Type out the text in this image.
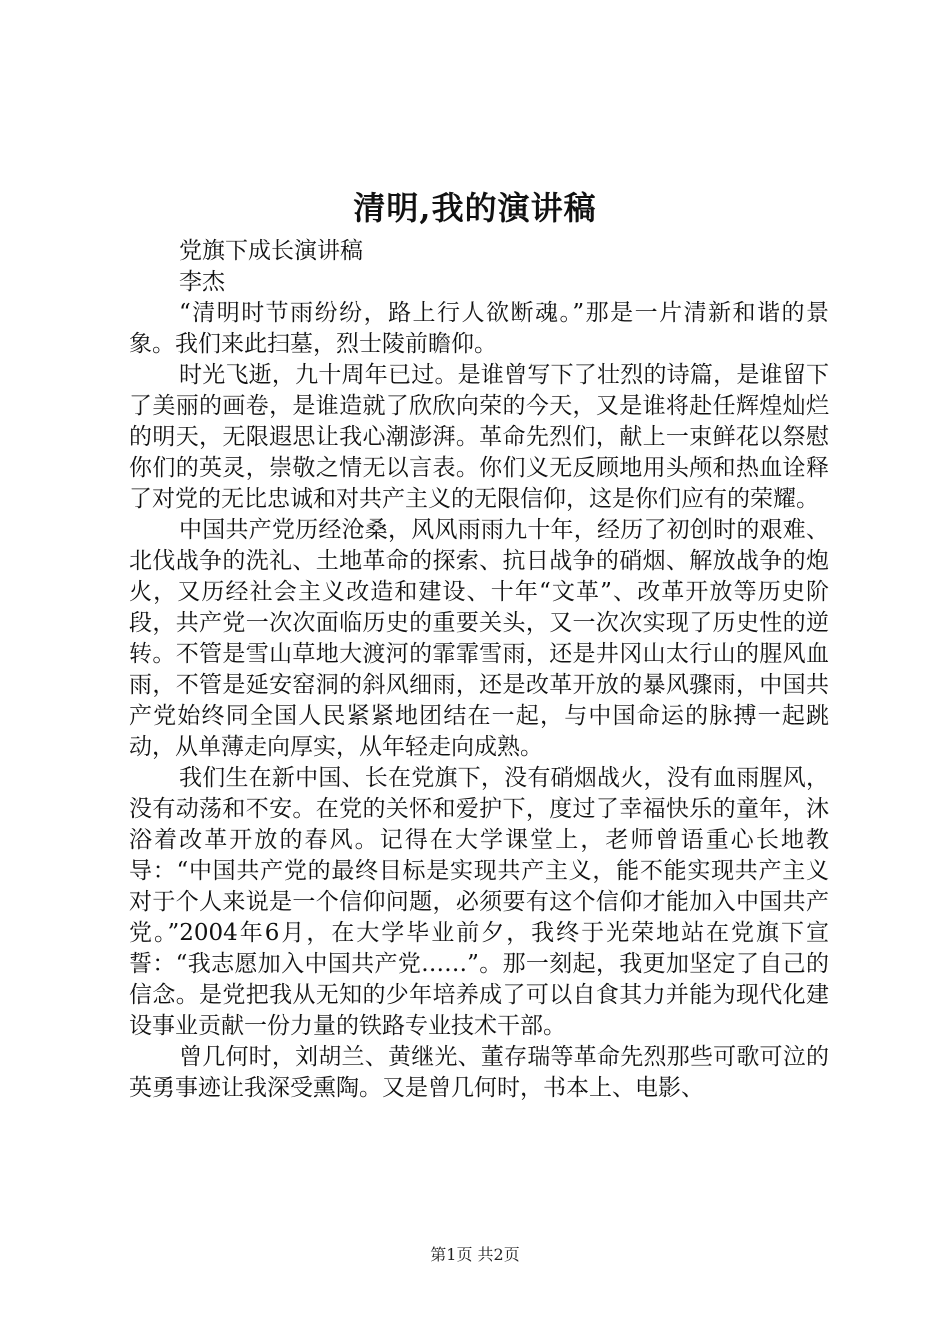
清明,我的演讲稿
党旗下成长演讲稿
李杰

“清明时节雨纷纷，路上行人欲断魂。”那是一片清新和谐的景象。我们来此扫墓，烈士陵前瞻仰。

时光飞逝，九十周年已过。是谁曾写下了壮烈的诗篇，是谁留下了美丽的画卷，是谁造就了欣欣向荣的今天，又是谁将赴任辉煌灿烂的明天，无限遐思让我心潮澎湃。革命先烈们，献上一束鲜花以祭慰你们的英灵，崇敬之情无以言表。你们义无反顾地用头颅和热血诠释了对党的无比忠诚和对共产主义的无限信仰，这是你们应有的荣耀。

中国共产党历经沧桑，风风雨雨九十年，经历了初创时的艰难、北伐战争的洗礼、土地革命的探索、抗日战争的硝烟、解放战争的炮火，又历经社会主义改造和建设、十年“文革”、改革开放等历史阶段，共产党一次次面临历史的重要关头，又一次次实现了历史性的逆转。不管是雪山草地大渡河的霏霏雪雨，还是井冈山太行山的腥风血雨，不管是延安窑洞的斜风细雨，还是改革开放的暴风骤雨，中国共产党始终同全国人民紧紧地团结在一起，与中国命运的脉搏一起跳动，从单薄走向厚实，从年轻走向成熟。

我们生在新中国、长在党旗下，没有硝烟战火，没有血雨腥风，没有动荡和不安。在党的关怀和爱护下，度过了幸福快乐的童年，沐浴着改革开放的春风。记得在大学课堂上，老师曾语重心长地教导：“中国共产党的最终目标是实现共产主义，能不能实现共产主义对于个人来说是一个信仰问题，必须要有这个信仰才能加入中国共产党。”2004年6月，在大学毕业前夕，我终于光荣地站在党旗下宣誓：“我志愿加入中国共产党……”。那一刻起，我更加坚定了自己的信念。是党把我从无知的少年培养成了可以自食其力并能为现代化建设事业贡献一份力量的铁路专业技术干部。

曾几何时，刘胡兰、黄继光、董存瑞等革命先烈那些可歌可泣的英勇事迹让我深受熏陶。又是曾几何时，书本上、电影、

第1页 共2页
